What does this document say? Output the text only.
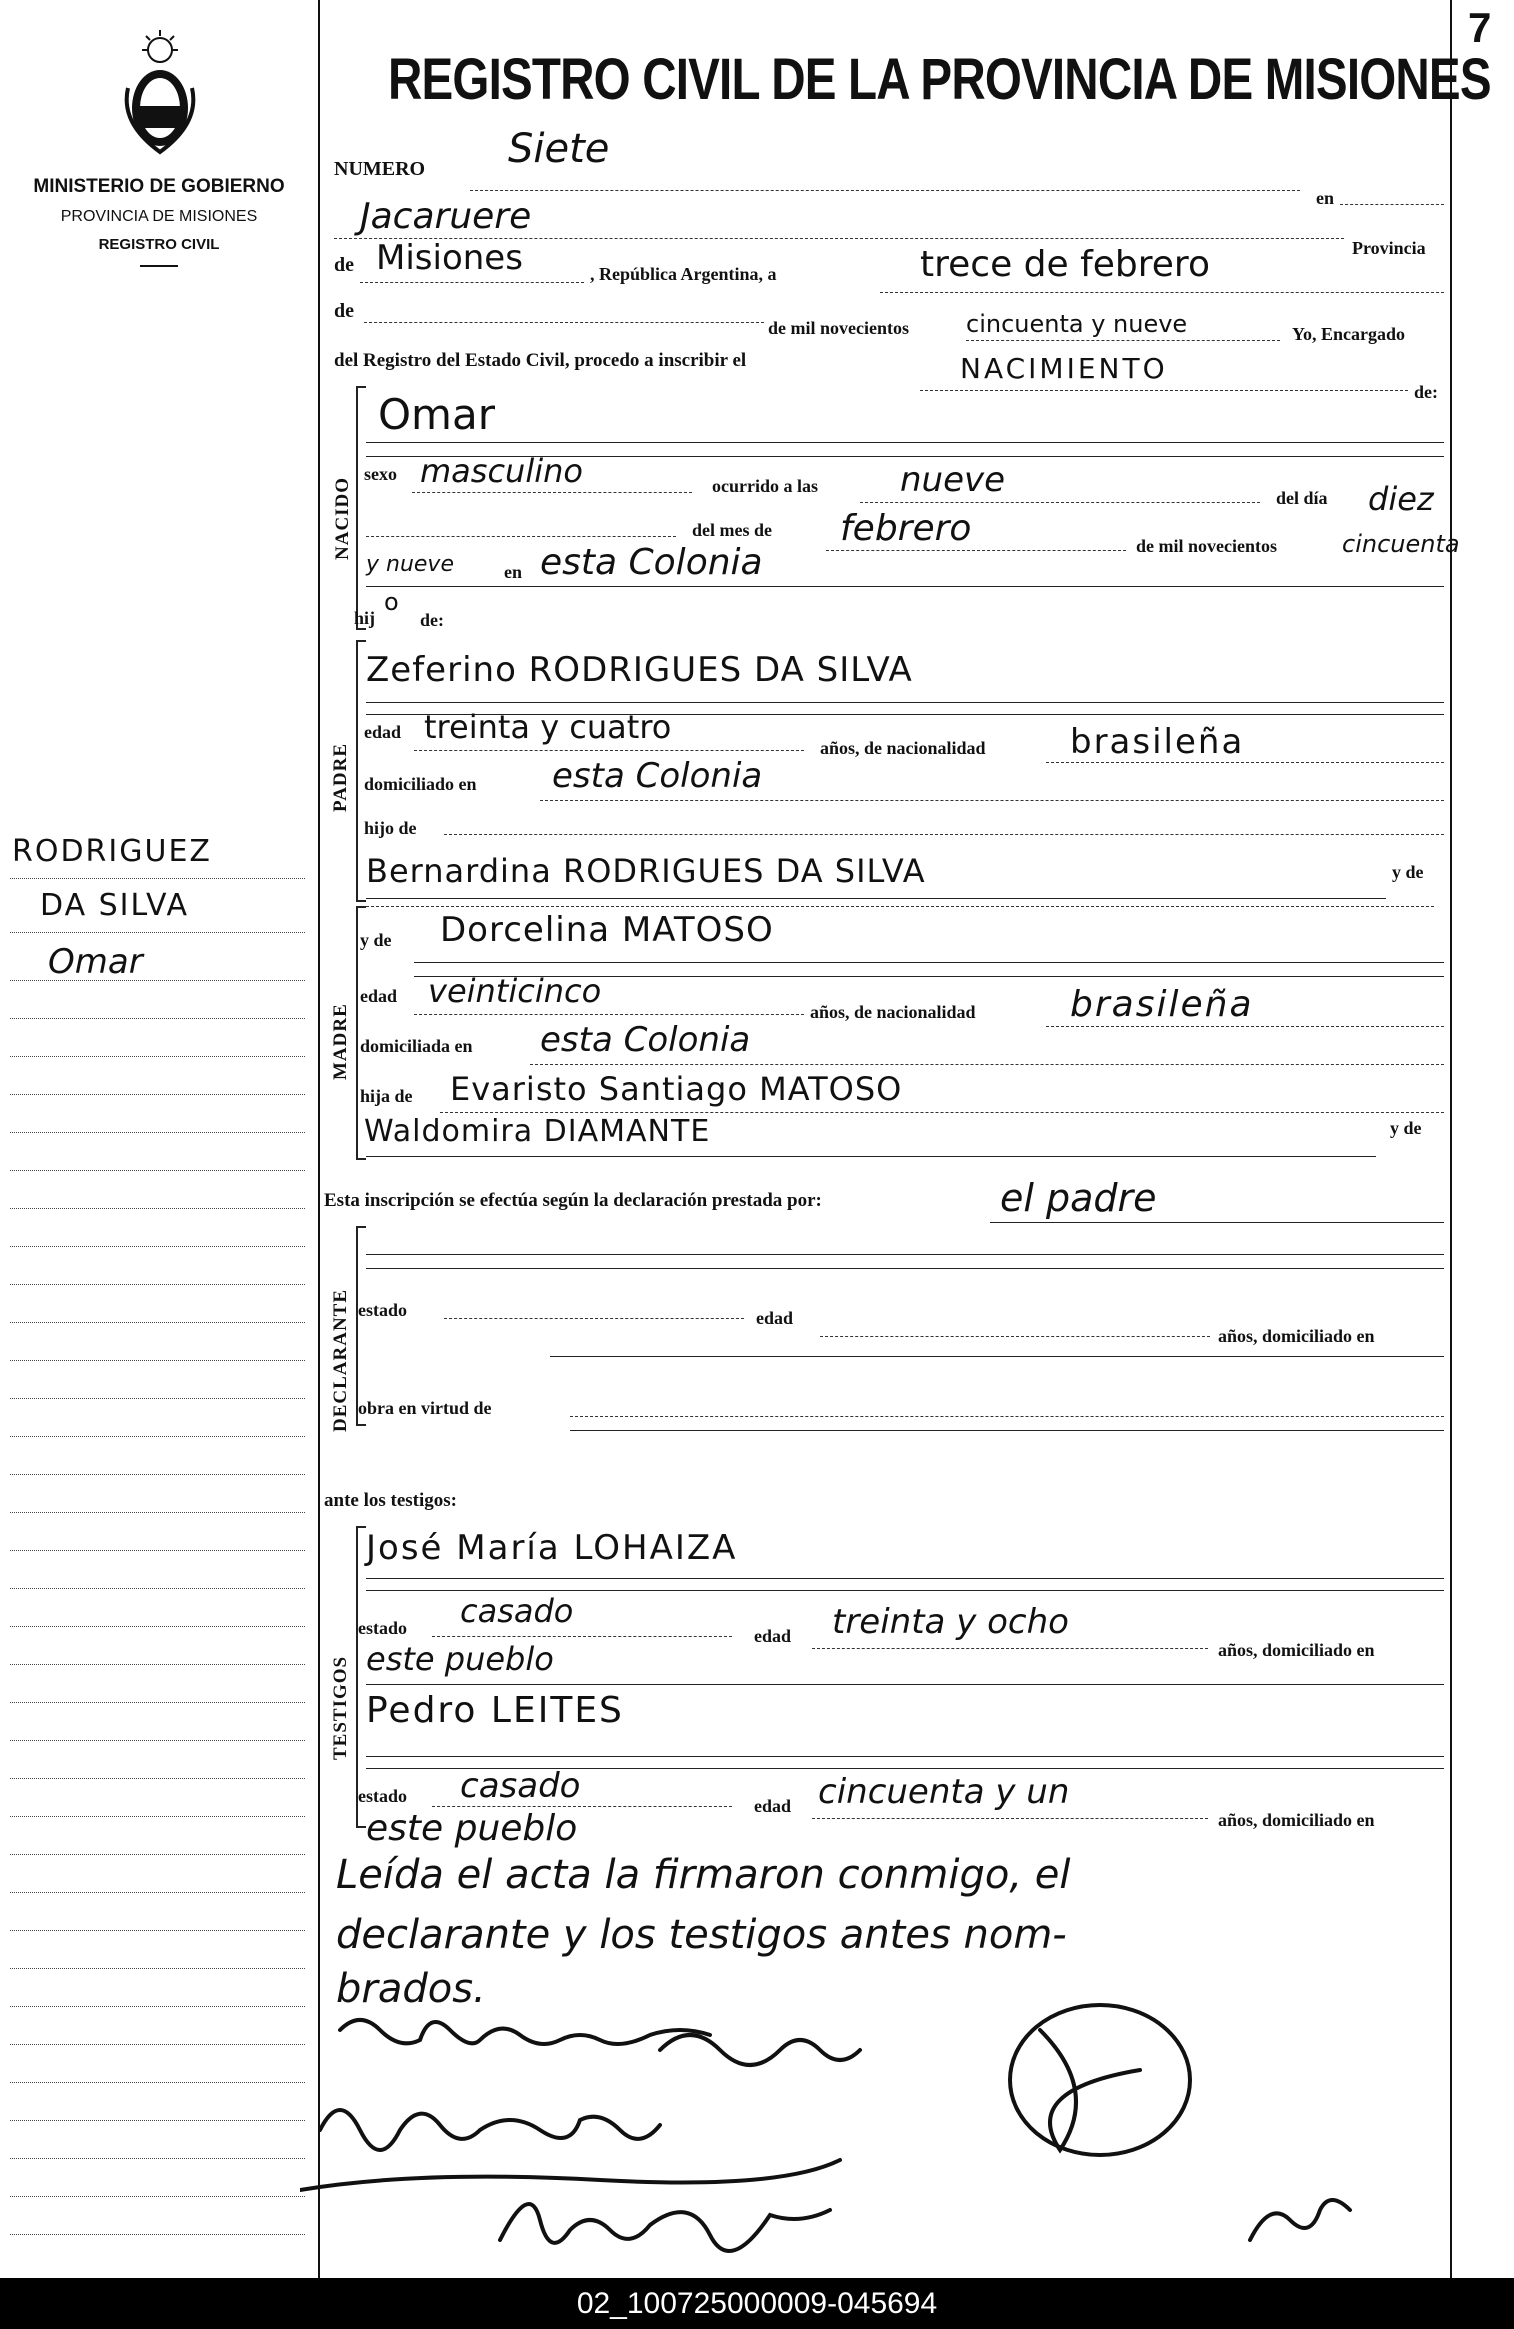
7
MINISTERIO DE GOBIERNO
PROVINCIA DE MISIONES
REGISTRO CIVIL
RODRIGUEZ
DA SILVA
Omar
REGISTRO CIVIL DE LA PROVINCIA DE MISIONES
NUMERO Siete
en
Jacaruere
Provincia
de Misiones	, República Argentina, a	trece de febrero
de
de mil novecientos cincuenta y nueve	Yo, Encargado
del Registro del Estado Civil, procedo a inscribir el	NACIMIENTO
de:
NACIDO
Omar
sexo masculino	ocurrido a las nueve	del día diez
del mes de febrero	de mil novecientos	cincuenta
y nueve	en esta Colonia
hij
o
de:
PADRE
Zeferino RODRIGUES DA SILVA
edad treinta y cuatro
años, de nacionalidad brasileña
domiciliado en esta Colonia
hijo de
Bernardina RODRIGUES DA SILVA	y de
MADRE
y de Dorcelina MATOSO
edad veinticinco
años, de nacionalidad	brasileña
domiciliada en esta Colonia
hija de Evaristo Santiago MATOSO
Waldomira DIAMANTE	y de
Esta inscripción se efectúa según la declaración prestada por:	el padre
DECLARANTE estado	edad
años, domiciliado en
obra en virtud de
ante los testigos:
TESTIGOS
José María LOHAIZA
estado casado
edad treinta y ocho
años, domiciliado en
este pueblo
Pedro LEITES
estado casado	edad cincuenta y un
años, domiciliado en
este pueblo
Leída el acta la firmaron conmigo, el
declarante y los testigos antes nom-
brados.
02_100725000009-045694
